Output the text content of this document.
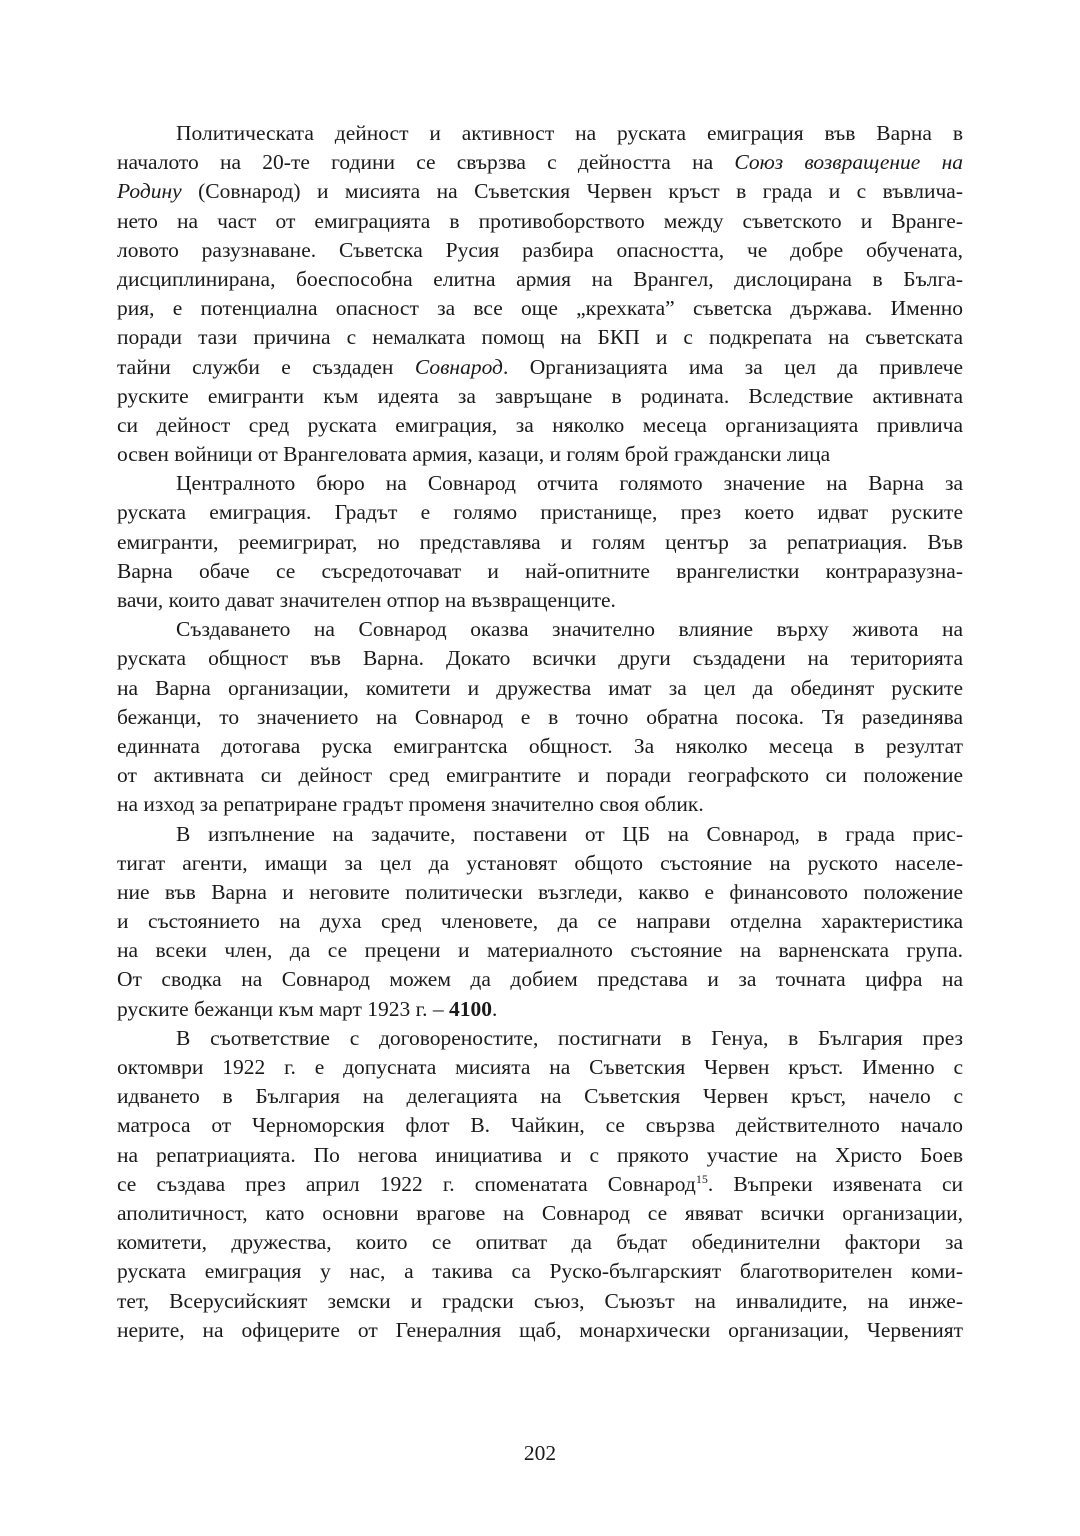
Политическата дейност и активност на руската емиграция във Варна в
началото на 20-те години се свързва с дейността на Союз возвращение на
Родину (Совнарод) и мисията на Съветския Червен кръст в града и с въвлича-
нето на част от емиграцията в противоборството между съветското и Врангe-
ловото разузнаване. Съветска Русия разбира опасността, че добре обучената,
дисциплинирана, боеспособна елитна армия на Врангел, дислоцирана в Бълга-
рия, е потенциална опасност за все още „крехката” съветска държава. Именно
поради тази причина с немалката помощ на БКП и с подкрепата на съветската
тайни служби е създаден Совнарод. Организацията има за цел да привлече
руските емигранти към идеята за завръщане в родината. Вследствие активната
си дейност сред руската емиграция, за няколко месеца организацията привлича
освен войници от Врангеловата армия, казаци, и голям брой граждански лица
Централното бюро на Совнарод отчита голямото значение на Варна за
руската емиграция. Градът е голямо пристанище, през което идват руските
емигранти, реемигрират, но представлява и голям център за репатриация. Във
Варна обаче се съсредоточават и най-опитните врангелистки контраразузна-
вачи, които дават значителен отпор на възвращенците.
Създаването на Совнарод оказва значително влияние върху живота на
руската общност във Варна. Докато всички други създадени на територията
на Варна организации, комитети и дружества имат за цел да обединят руските
бежанци, то значението на Совнарод е в точно обратна посока. Тя разединява
единната дотогава руска емигрантска общност. За няколко месеца в резултат
от активната си дейност сред емигрантите и поради географското си положение
на изход за репатриране градът променя значително своя облик.
В изпълнение на задачите, поставени от ЦБ на Совнарод, в града прис-
тигат агенти, имащи за цел да установят общото състояние на руското населе-
ние във Варна и неговите политически възгледи, какво е финансовото положение
и състоянието на духа сред членовете, да се направи отделна характеристика
на всеки член, да се прецени и материалното състояние на варненската група.
От сводка на Совнарод можем да добием представа и за точната цифра на
руските бежанци към март 1923 г. – 4100.
В съответствие с договореностите, постигнати в Генуа, в България през
октомври 1922 г. е допусната мисията на Съветския Червен кръст. Именно с
идването в България на делегацията на Съветския Червен кръст, начело с
матроса от Черноморския флот В. Чайкин, се свързва действителното начало
на репатриацията. По негова инициатива и с прякото участие на Христо Боев
се създава през април 1922 г. споменатата Совнарод$^{15}$. Въпреки изявената си
аполитичност, като основни врагове на Совнарод се явяват всички организации,
комитети, дружества, които се опитват да бъдат обединителни фактори за
руската емиграция у нас, а такива са Руско-българският благотворителен коми-
тет, Всерусийският земски и градски съюз, Съюзът на инвалидите, на инже-
нерите, на офицерите от Генералния щаб, монархически организации, Червеният
202
